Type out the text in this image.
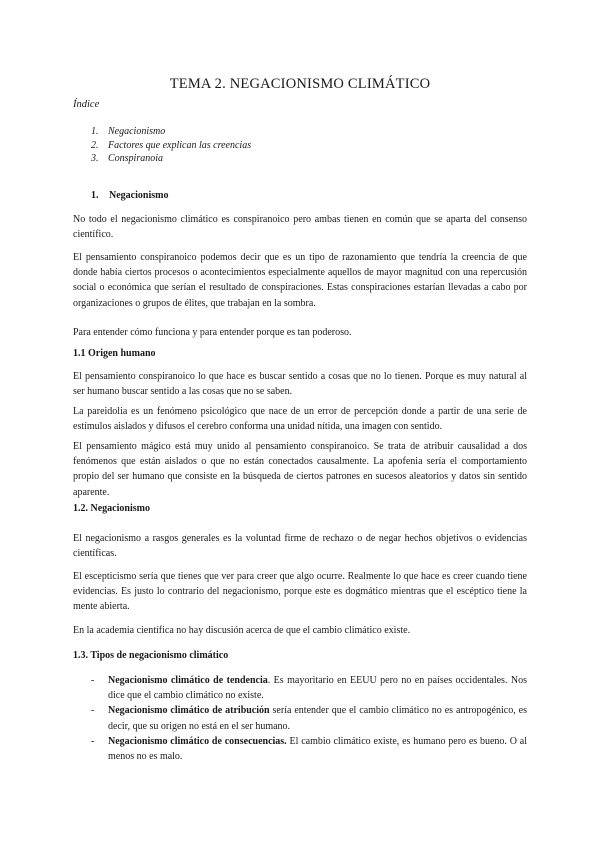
TEMA 2. NEGACIONISMO CLIMÁTICO
Índice
1. Negacionismo
2. Factores que explican las creencias
3. Conspiranoia
1. Negacionismo
No todo el negacionismo climático es conspiranoico pero ambas tienen en común que se aparta del consenso científico.
El pensamiento conspiranoico podemos decir que es un tipo de razonamiento que tendría la creencia de que donde había ciertos procesos o acontecimientos especialmente aquellos de mayor magnitud con una repercusión social o económica que serían el resultado de conspiraciones. Estas conspiraciones estarían llevadas a cabo por organizaciones o grupos de élites, que trabajan en la sombra.
Para entender cómo funciona y para entender porque es tan poderoso.
1.1 Origen humano
El pensamiento conspiranoico lo que hace es buscar sentido a cosas que no lo tienen. Porque es muy natural al ser humano buscar sentido a las cosas que no se saben.
La pareidolia es un fenómeno psicológico que nace de un error de percepción donde a partir de una serie de estímulos aislados y difusos el cerebro conforma una unidad nítida, una imagen con sentido.
El pensamiento mágico está muy unido al pensamiento conspiranoico. Se trata de atribuir causalidad a dos fenómenos que están aislados o que no están conectados causalmente. La apofenia sería el comportamiento propio del ser humano que consiste en la búsqueda de ciertos patrones en sucesos aleatorios y datos sin sentido aparente.
1.2. Negacionismo
El negacionismo a rasgos generales es la voluntad firme de rechazo o de negar hechos objetivos o evidencias científicas.
El escepticismo sería que tienes que ver para creer que algo ocurre. Realmente lo que hace es creer cuando tiene evidencias. Es justo lo contrario del negacionismo, porque este es dogmático mientras que el escéptico tiene la mente abierta.
En la academia científica no hay discusión acerca de que el cambio climático existe.
1.3. Tipos de negacionismo climático
- Negacionismo climático de tendencia. Es mayoritario en EEUU pero no en países occidentales. Nos dice que el cambio climático no existe.
- Negacionismo climático de atribución sería entender que el cambio climático no es antropogénico, es decir, que su origen no está en el ser humano.
- Negacionismo climático de consecuencias. El cambio climático existe, es humano pero es bueno. O al menos no es malo.
